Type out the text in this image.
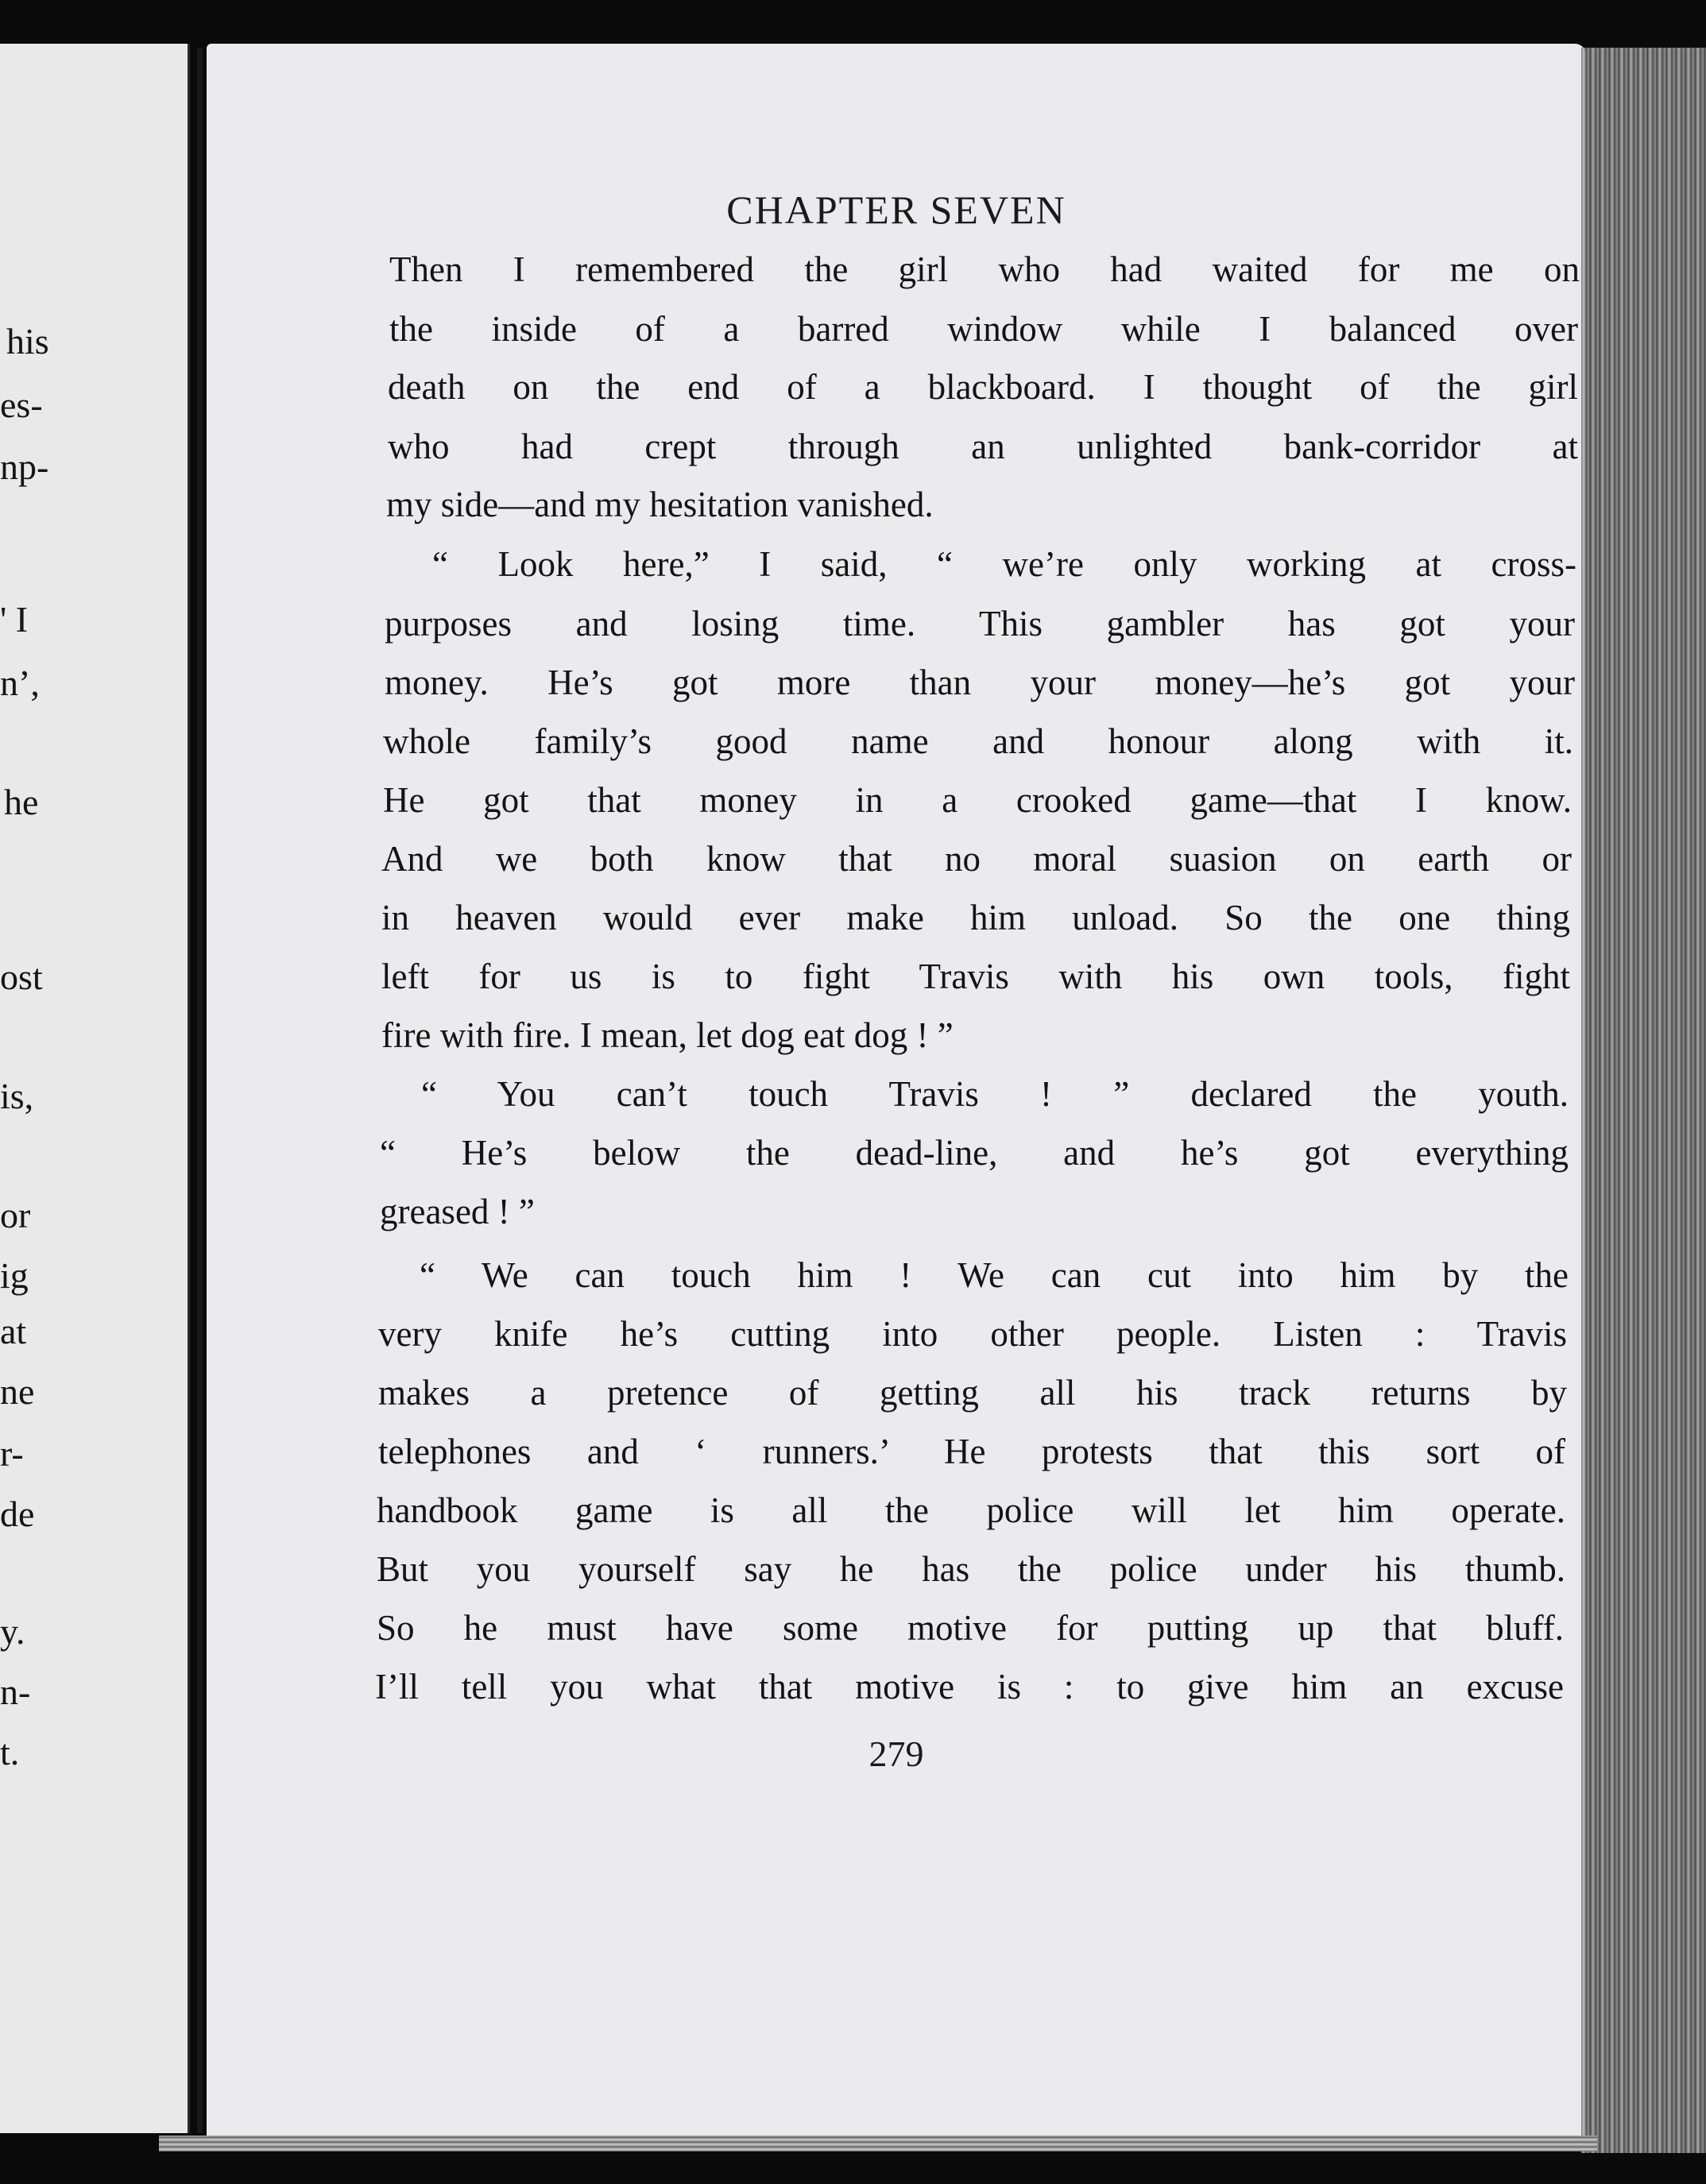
his
es-
np-
' I
n’,
he
ost
is,
or
ig
at
ne
r-
de
y.
n-
t.
CHAPTER SEVEN
Then I remembered the girl who had waited for me on
the inside of a barred window while I balanced over
death on the end of a blackboard. I thought of the girl
who had crept through an unlighted bank-corridor at
my side—and my hesitation vanished.
“ Look here,” I said, “ we’re only working at cross-
purposes and losing time. This gambler has got your
money. He’s got more than your money—he’s got your
whole family’s good name and honour along with it.
He got that money in a crooked game—that I know.
And we both know that no moral suasion on earth or
in heaven would ever make him unload. So the one thing
left for us is to fight Travis with his own tools, fight
fire with fire. I mean, let dog eat dog ! ”
“ You can’t touch Travis ! ” declared the youth.
“ He’s below the dead-line, and he’s got everything
greased ! ”
“ We can touch him ! We can cut into him by the
very knife he’s cutting into other people. Listen : Travis
makes a pretence of getting all his track returns by
telephones and ‘ runners.’ He protests that this sort of
handbook game is all the police will let him operate.
But you yourself say he has the police under his thumb.
So he must have some motive for putting up that bluff.
I’ll tell you what that motive is : to give him an excuse
279
